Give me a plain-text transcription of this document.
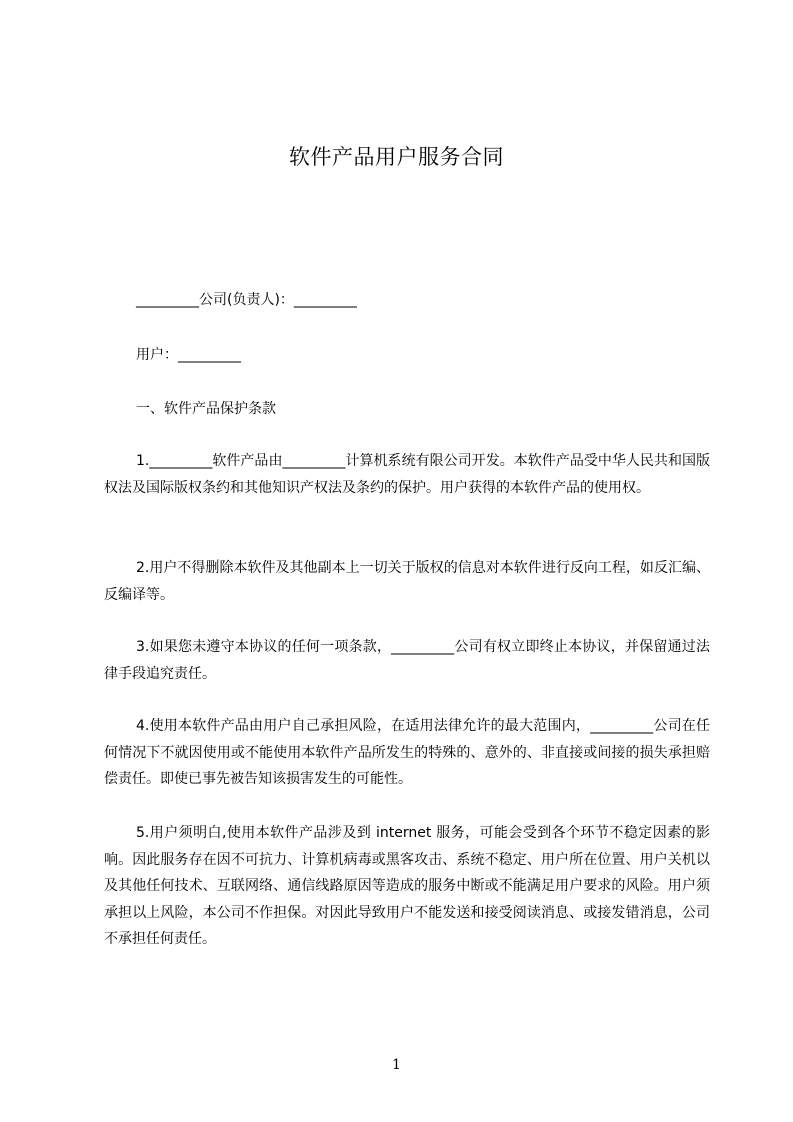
软件产品用户服务合同
_________公司(负责人)：_________
用户：_________
一、软件产品保护条款
1._________软件产品由_________计算机系统有限公司开发。本软件产品受中华人民共和国版权法及国际版权条约和其他知识产权法及条约的保护。用户获得的本软件产品的使用权。
2.用户不得删除本软件及其他副本上一切关于版权的信息对本软件进行反向工程，如反汇编、反编译等。
3.如果您未遵守本协议的任何一项条款，_________公司有权立即终止本协议，并保留通过法律手段追究责任。
4.使用本软件产品由用户自己承担风险，在适用法律允许的最大范围内，_________公司在任何情况下不就因使用或不能使用本软件产品所发生的特殊的、意外的、非直接或间接的损失承担赔偿责任。即使已事先被告知该损害发生的可能性。
5.用户须明白,使用本软件产品涉及到 internet 服务，可能会受到各个环节不稳定因素的影响。因此服务存在因不可抗力、计算机病毒或黑客攻击、系统不稳定、用户所在位置、用户关机以及其他任何技术、互联网络、通信线路原因等造成的服务中断或不能满足用户要求的风险。用户须承担以上风险，本公司不作担保。对因此导致用户不能发送和接受阅读消息、或接发错消息，公司不承担任何责任。
1
